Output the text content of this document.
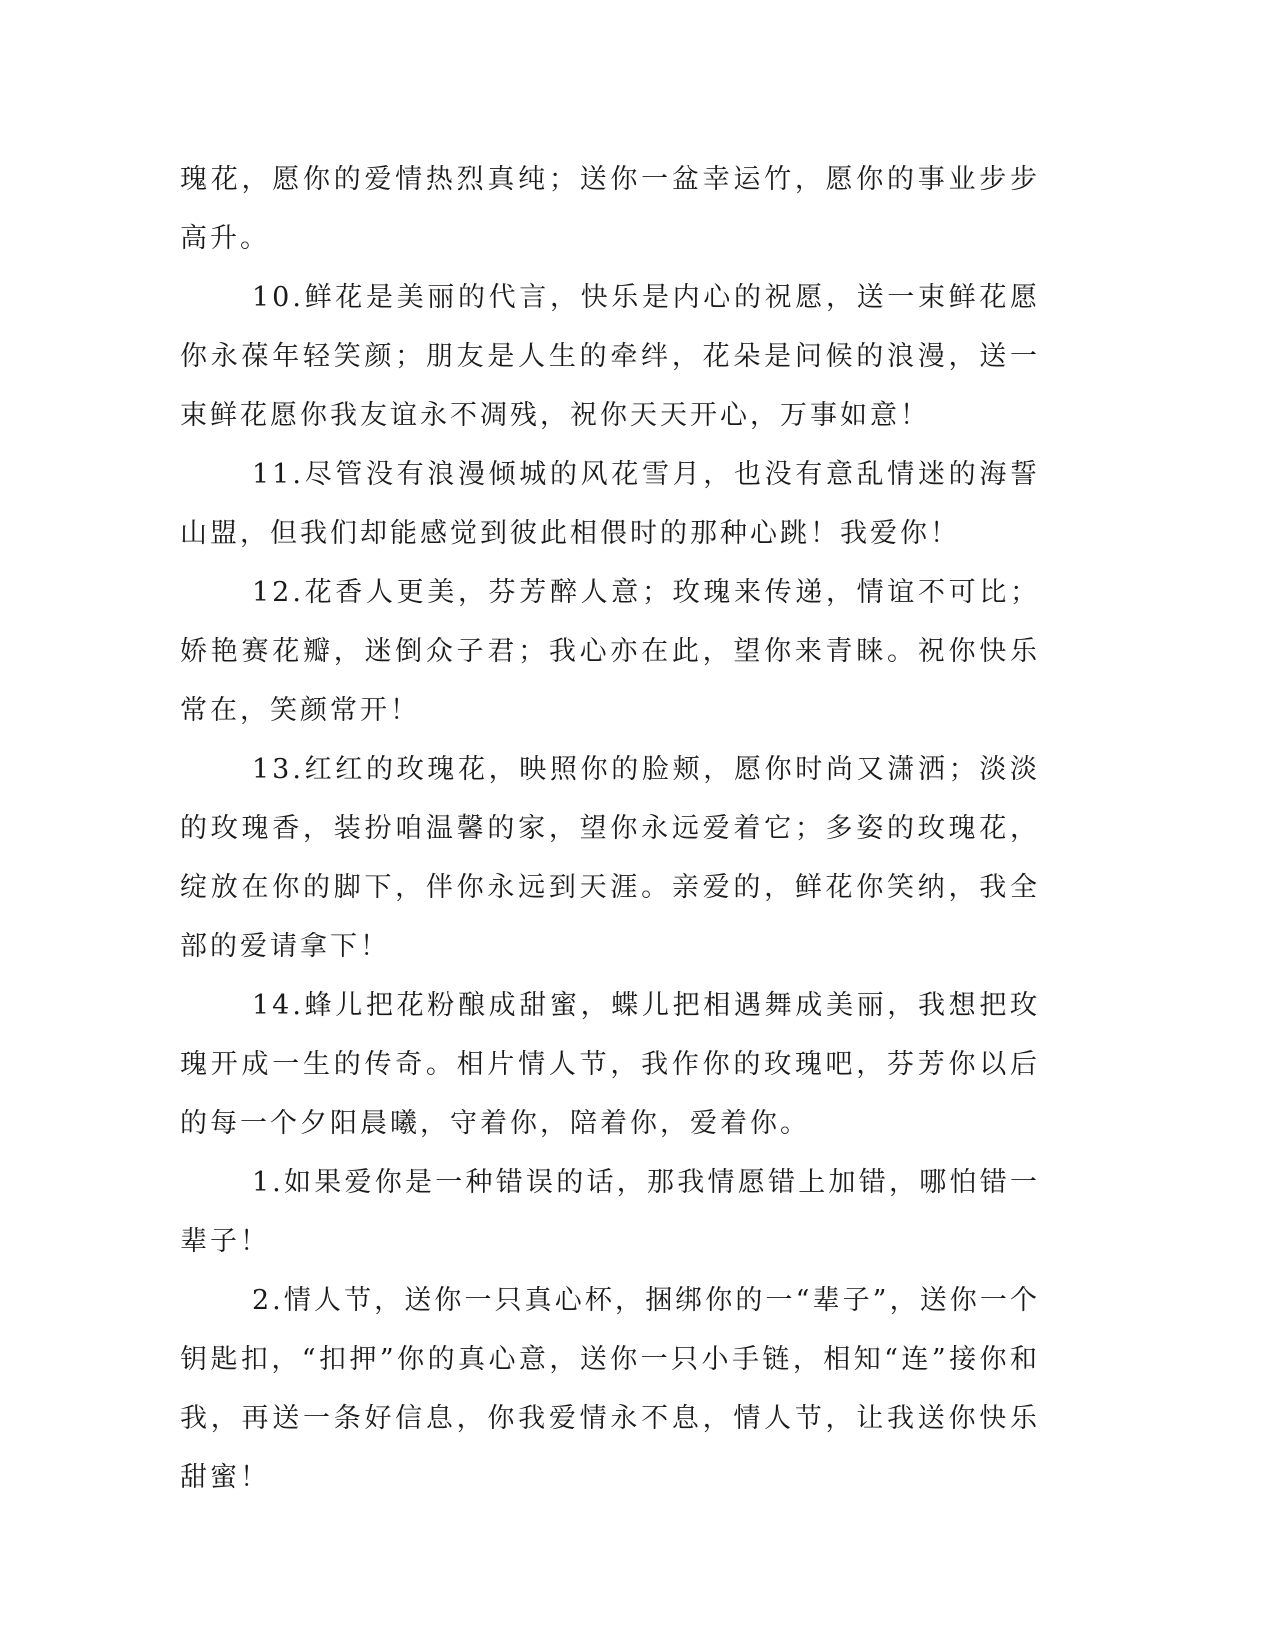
瑰花，愿你的爱情热烈真纯；送你一盆幸运竹，愿你的事业步步高升。

10.鲜花是美丽的代言，快乐是内心的祝愿，送一束鲜花愿你永葆年轻笑颜；朋友是人生的牵绊，花朵是问候的浪漫，送一束鲜花愿你我友谊永不凋残，祝你天天开心，万事如意！

11.尽管没有浪漫倾城的风花雪月，也没有意乱情迷的海誓山盟，但我们却能感觉到彼此相偎时的那种心跳！我爱你！

12.花香人更美，芬芳醉人意；玫瑰来传递，情谊不可比；娇艳赛花瓣，迷倒众子君；我心亦在此，望你来青睐。祝你快乐常在，笑颜常开！

13.红红的玫瑰花，映照你的脸颊，愿你时尚又潇洒；淡淡的玫瑰香，装扮咱温馨的家，望你永远爱着它；多姿的玫瑰花，绽放在你的脚下，伴你永远到天涯。亲爱的，鲜花你笑纳，我全部的爱请拿下！

14.蜂儿把花粉酿成甜蜜，蝶儿把相遇舞成美丽，我想把玫瑰开成一生的传奇。相片情人节，我作你的玫瑰吧，芬芳你以后的每一个夕阳晨曦，守着你，陪着你，爱着你。

1.如果爱你是一种错误的话，那我情愿错上加错，哪怕错一辈子！

2.情人节，送你一只真心杯，捆绑你的一“辈子”，送你一个钥匙扣，“扣押”你的真心意，送你一只小手链，相知“连”接你和我，再送一条好信息，你我爱情永不息，情人节，让我送你快乐甜蜜！
